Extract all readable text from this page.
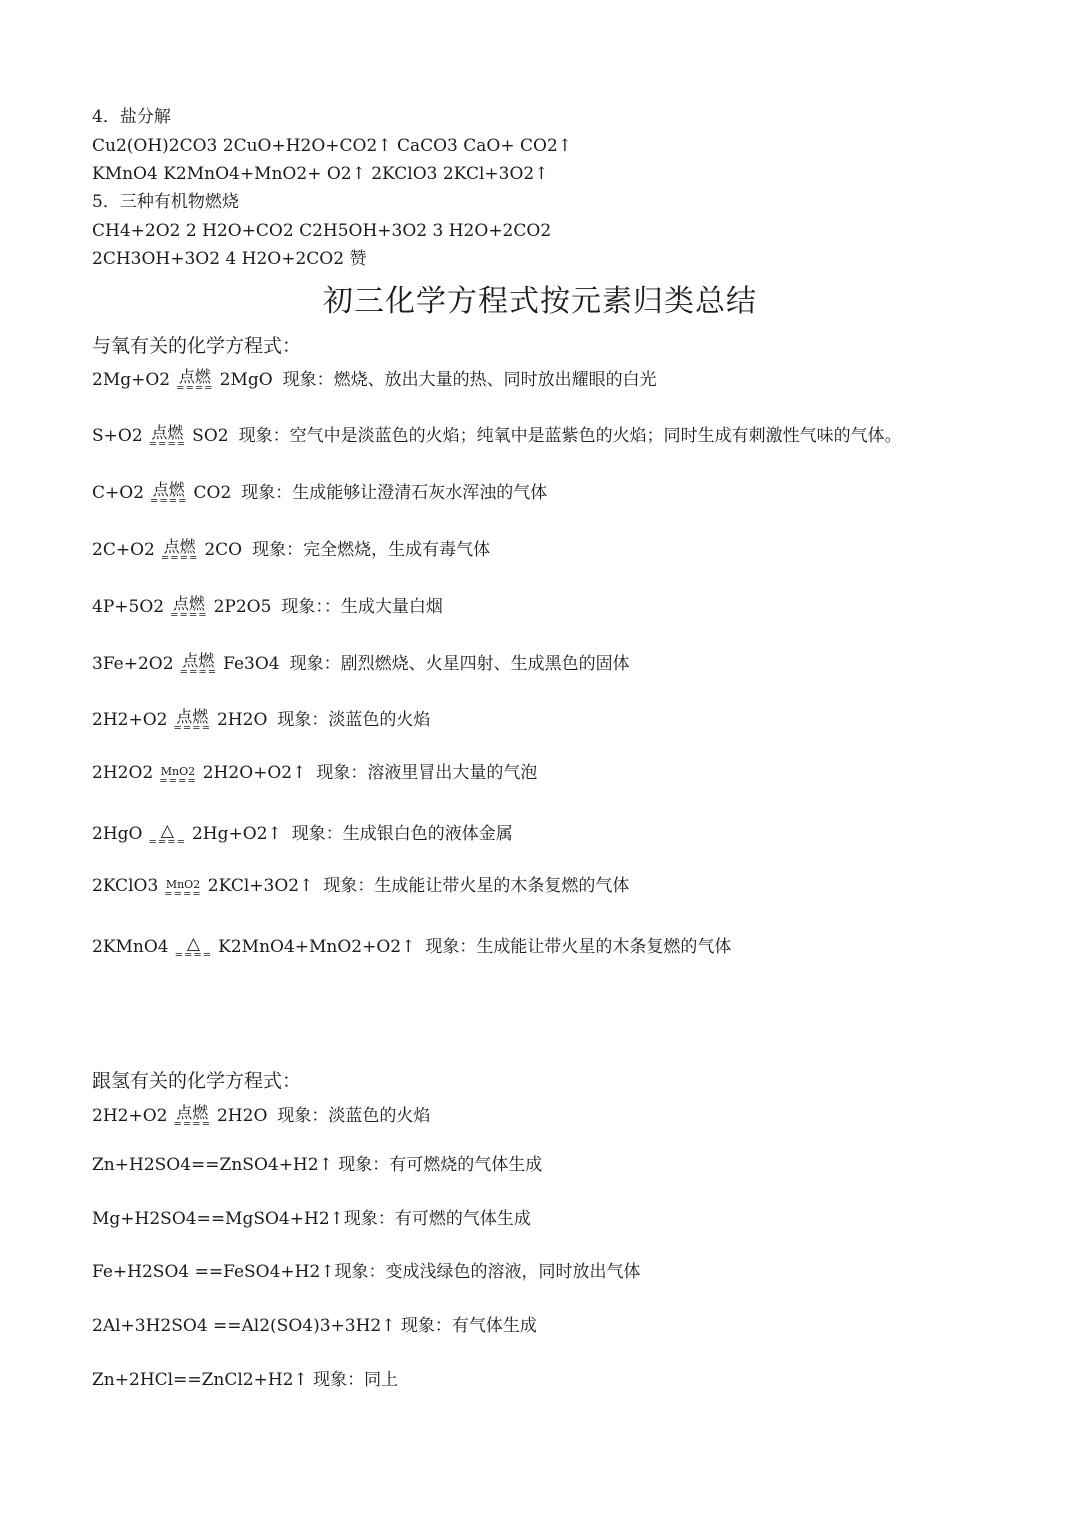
4．盐分解
Cu2(OH)2CO3 2CuO+H2O+CO2↑ CaCO3 CaO+ CO2↑
KMnO4 K2MnO4+MnO2+ O2↑ 2KClO3 2KCl+3O2↑
5．三种有机物燃烧
CH4+2O2 2 H2O+CO2 C2H5OH+3O2 3 H2O+2CO2
2CH3OH+3O2 4 H2O+2CO2 赞
初三化学方程式按元素归类总结
与氧有关的化学方程式：
2Mg+O2 点燃
==== 2MgO 现象：燃烧、放出大量的热、同时放出耀眼的白光
S+O2 点燃
==== SO2 现象：空气中是淡蓝色的火焰；纯氧中是蓝紫色的火焰；同时生成有刺激性气味的气体。
C+O2 点燃
==== CO2 现象：生成能够让澄清石灰水浑浊的气体
2C+O2 点燃
==== 2CO 现象：完全燃烧，生成有毒气体
4P+5O2 点燃
==== 2P2O5 现象：：生成大量白烟
3Fe+2O2 点燃
==== Fe3O4 现象：剧烈燃烧、火星四射、生成黑色的固体
2H2+O2 点燃
==== 2H2O 现象：淡蓝色的火焰
2H2O2 MnO2
==== 2H2O+O2↑ 现象：溶液里冒出大量的气泡
2HgO △
==== 2Hg+O2↑ 现象：生成银白色的液体金属
2KClO3 MnO2
==== 2KCl+3O2↑ 现象：生成能让带火星的木条复燃的气体
2KMnO4 △
==== K2MnO4+MnO2+O2↑ 现象：生成能让带火星的木条复燃的气体
跟氢有关的化学方程式：
2H2+O2 点燃
==== 2H2O 现象：淡蓝色的火焰
Zn+H2SO4==ZnSO4+H2↑ 现象：有可燃烧的气体生成
Mg+H2SO4==MgSO4+H2↑现象：有可燃的气体生成
Fe+H2SO4 ==FeSO4+H2↑现象：变成浅绿色的溶液，同时放出气体
2Al+3H2SO4 ==Al2(SO4)3+3H2↑ 现象：有气体生成
Zn+2HCl==ZnCl2+H2↑ 现象：同上
